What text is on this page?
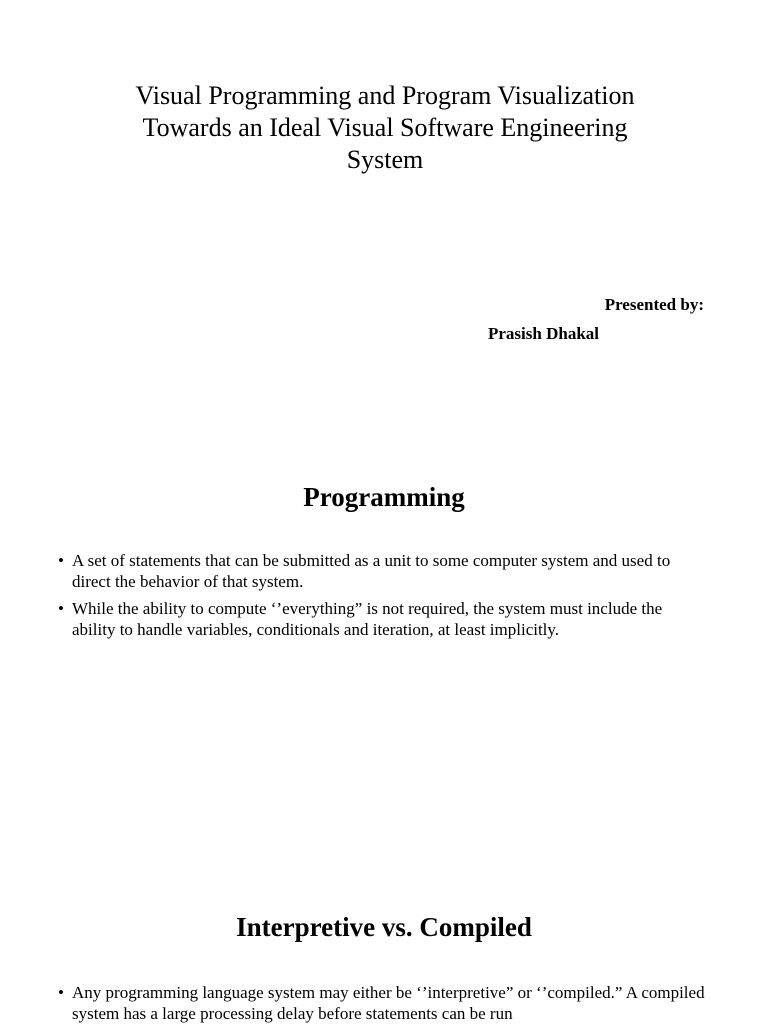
Visual Programming and Program Visualization
Towards an Ideal Visual Software Engineering
System

Presented by:

Prasish Dhakal

Programming
• A set of statements that can be submitted as a unit to some computer system and used to direct the behavior of that system.
• While the ability to compute ‘’everything” is not required, the system must include the ability to handle variables, conditionals and iteration, at least implicitly.
Interpretive vs. Compiled
• Any programming language system may either be ‘’interpretive” or ‘’compiled.” A compiled system has a large processing delay before statements can be run
